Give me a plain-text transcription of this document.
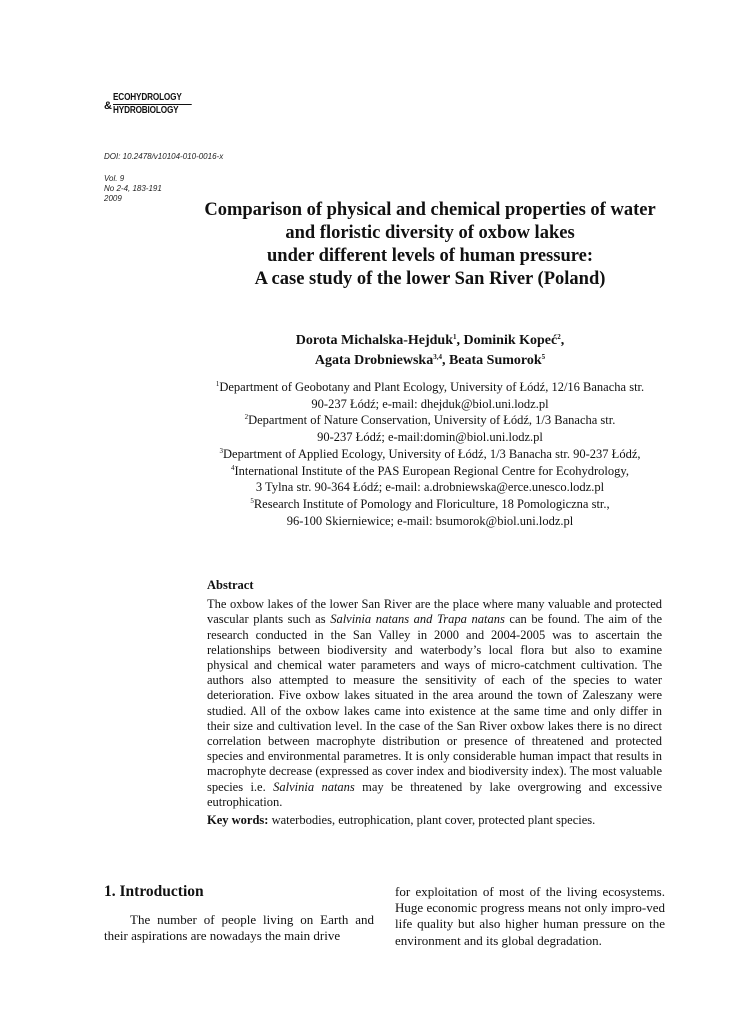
&
ECOHYDROLOGY
HYDROBIOLOGY
DOI: 10.2478/v10104-010-0016-x
Vol. 9
No 2-4, 183-191
2009
Comparison of physical and chemical properties of water
and floristic diversity of oxbow lakes
under different levels of human pressure:
A case study of the lower San River (Poland)
Dorota Michalska-Hejduk$^1$, Dominik Kopeć$^2$,
Agata Drobniewska$^{3,4}$, Beata Sumorok$^5$
$^1$Department of Geobotany and Plant Ecology, University of Łódź, 12/16 Banacha str.
90-237 Łódź; e-mail: dhejduk@biol.uni.lodz.pl
$^2$Department of Nature Conservation, University of Łódź, 1/3 Banacha str.
90-237 Łódź; e-mail:domin@biol.uni.lodz.pl
$^3$Department of Applied Ecology, University of Łódź, 1/3 Banacha str. 90-237 Łódź,
$^4$International Institute of the PAS European Regional Centre for Ecohydrology,
3 Tylna str. 90-364 Łódź; e-mail: a.drobniewska@erce.unesco.lodz.pl
$^5$Research Institute of Pomology and Floriculture, 18 Pomologiczna str.,
96-100 Skierniewice; e-mail: bsumorok@biol.uni.lodz.pl
Abstract

The oxbow lakes of the lower San River are the place where many valuable and protected vascular plants such as Salvinia natans and Trapa natans can be found. The aim of the research conducted in the San Valley in 2000 and 2004-2005 was to ascertain the relationships between biodiversity and waterbody’s local flora but also to examine physical and chemical water parameters and ways of micro-catchment cultivation. The authors also attempted to measure the sensitivity of each of the species to water deterioration. Five oxbow lakes situated in the area around the town of Zaleszany were studied. All of the oxbow lakes came into existence at the same time and only differ in their size and cultivation level. In the case of the San River oxbow lakes there is no direct correlation between macrophyte distribution or presence of threatened and protected species and environmental parametres. It is only considerable human impact that results in macrophyte decrease (expressed as cover index and biodiversity index). The most valuable species i.e. Salvinia natans may be threatened by lake overgrowing and excessive eutrophication.

Key words: waterbodies, eutrophication, plant cover, protected plant species.

1. Introduction

The number of people living on Earth and their aspirations are nowadays the main drive

for exploitation of most of the living ecosystems. Huge economic progress means not only impro-ved life quality but also higher human pressure on the environment and its global degradation.
